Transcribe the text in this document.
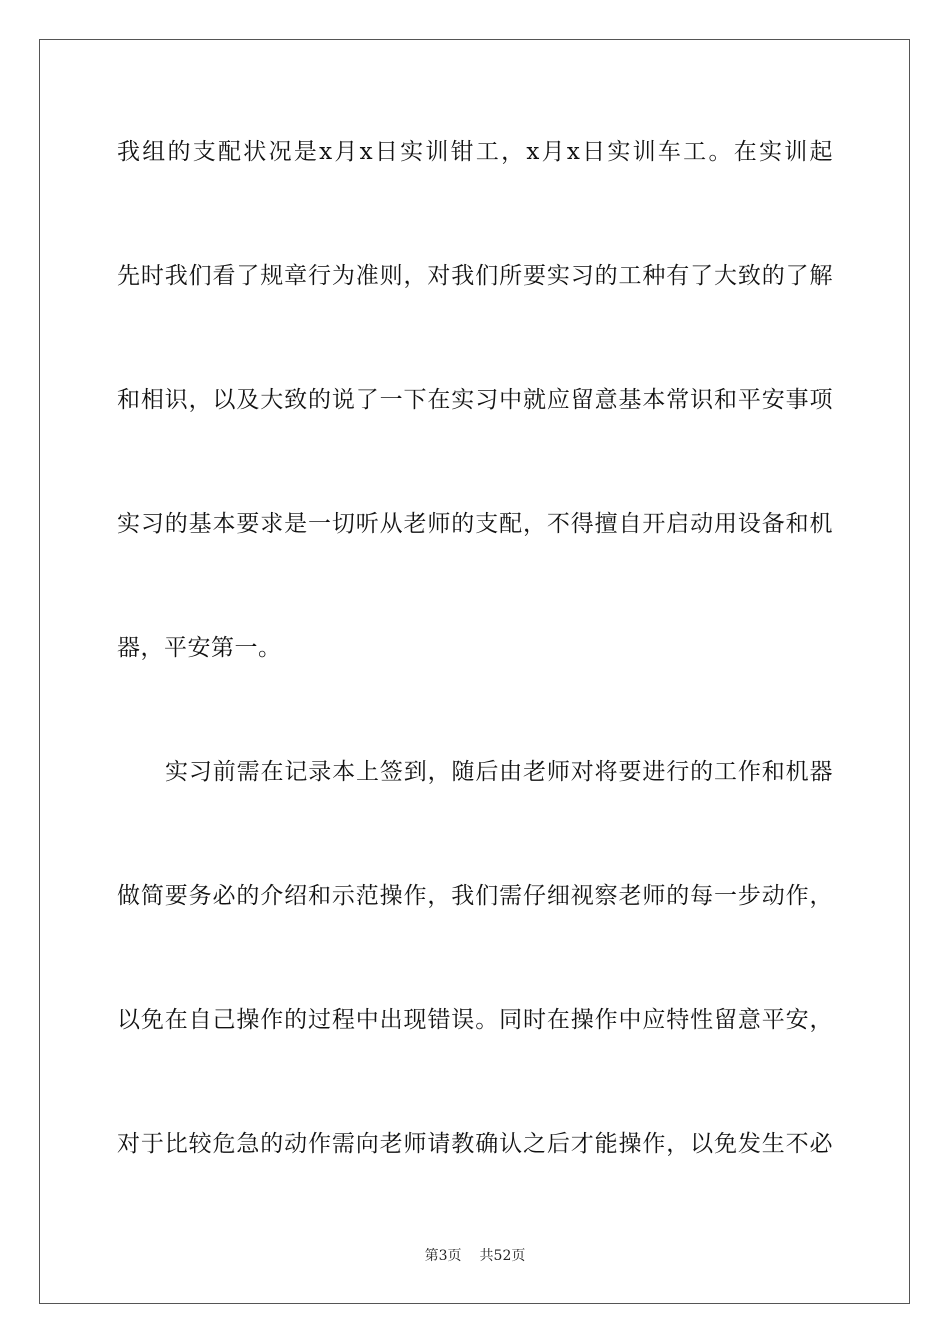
我组的支配状况是x月x日实训钳工，x月x日实训车工。在实训起
先时我们看了规章行为准则，对我们所要实习的工种有了大致的了解
和相识，以及大致的说了一下在实习中就应留意基本常识和平安事项
实习的基本要求是一切听从老师的支配，不得擅自开启动用设备和机
器，平安第一。
实习前需在记录本上签到，随后由老师对将要进行的工作和机器
做简要务必的介绍和示范操作，我们需仔细视察老师的每一步动作，
以免在自己操作的过程中出现错误。同时在操作中应特性留意平安，
对于比较危急的动作需向老师请教确认之后才能操作，以免发生不必
第3页 共52页
